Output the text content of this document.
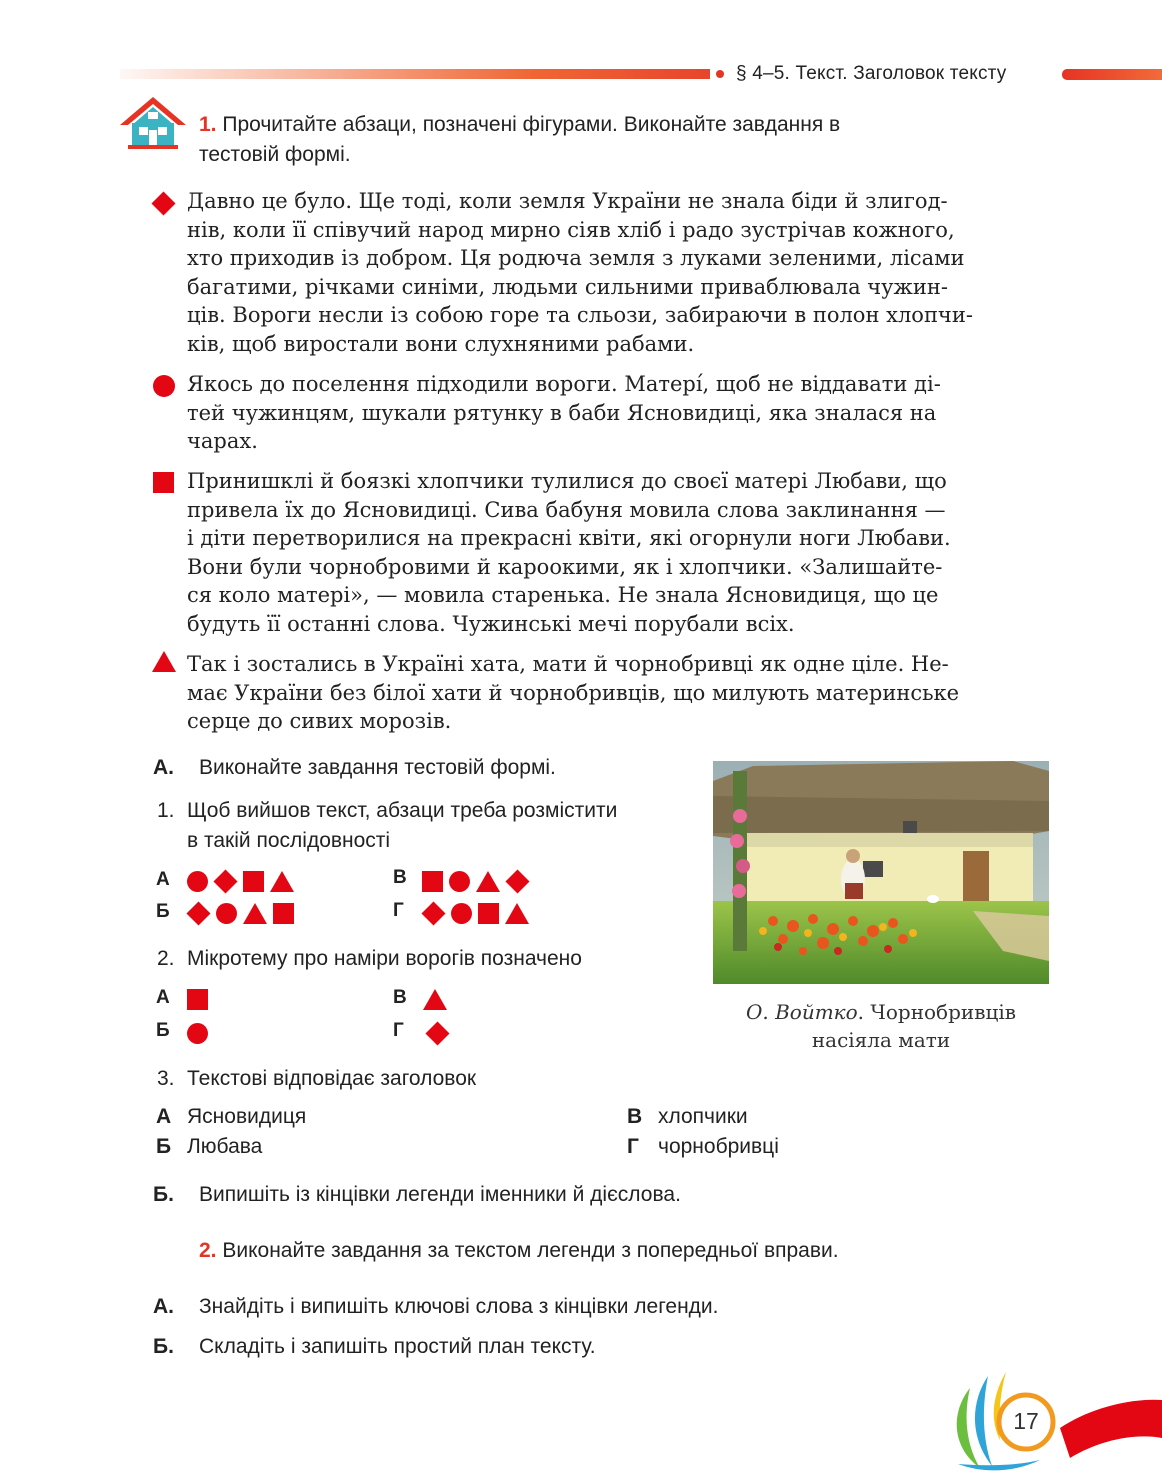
§ 4–5. Текст. Заголовок тексту
1. Прочитайте абзаци, позначені фігурами. Виконайте завдання в
тестовій формі.

Давно це було. Ще тоді, коли земля України не знала біди й злигод-

нів, коли її співучий народ мирно сіяв хліб і радо зустрічав кожного,

хто приходив із добром. Ця родюча земля з луками зеленими, лісами

багатими, річками синіми, людьми сильними приваблювала чужин-

ців. Вороги несли із собою горе та сльози, забираючи в полон хлопчи-

ків, щоб виростали вони слухняними рабами.

Якось до поселення підходили вороги. Матері́, щоб не віддавати ді-

тей чужинцям, шукали рятунку в баби Ясновидиці, яка зналася на

чарах.

Принишклі й боязкі хлопчики тулилися до своєї матері Любави, що

привела їх до Ясновидиці. Сива бабуня мовила слова заклинання —

і діти перетворилися на прекрасні квіти, які огорнули ноги Любави.

Вони були чорнобровими й кароокими, як і хлопчики. «Залишайте-

ся коло матері», — мовила старенька. Не знала Ясновидиця, що це

будуть її останні слова. Чужинські мечі порубали всіх.

Так і зостались в Україні хата, мати й чорнобривці як одне ціле. Не-

має України без білої хати й чорнобривців, що милують материнське

серце до сивих морозів.

А. Виконайте завдання тестовій формі.
1. Щоб вийшов текст, абзаци треба розмістити
в такій послідовності
А
Б
В
Г
2. Мікротему про наміри ворогів позначено
А
Б
В
Г
О. Войтко. Чорнобривців
насіяла мати
3. Текстові відповідає заголовок
А Ясновидиця
Б Любава
В хлопчики
Г чорнобривці
Б. Випишіть із кінцівки легенди іменники й дієслова.
2. Виконайте завдання за текстом легенди з попередньої вправи.
А. Знайдіть і випишіть ключові слова з кінцівки легенди.
Б. Складіть і запишіть простий план тексту.
17
